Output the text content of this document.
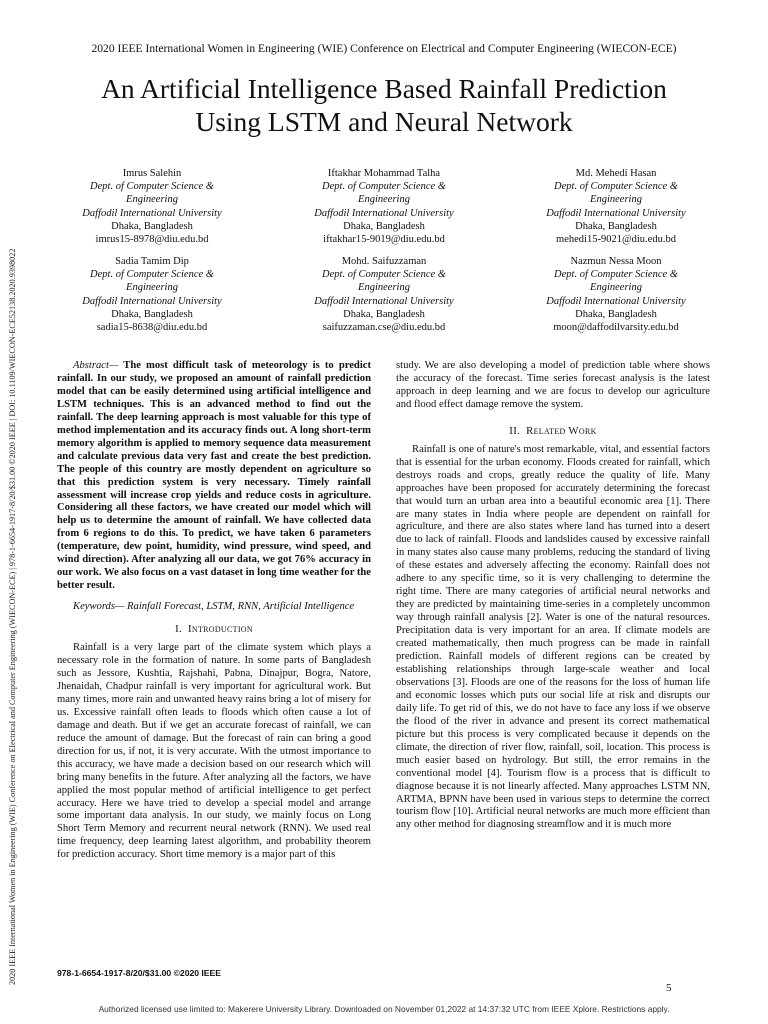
2020 IEEE International Women in Engineering (WIE) Conference on Electrical and Computer Engineering (WIECON-ECE)
2020 IEEE International Women in Engineering (WIE) Conference on Electrical and Computer Engineering (WIECON-ECE) | 978-1-6654-1917-8/20/$31.00 ©2020 IEEE | DOI: 10.1109/WIECON-ECE52138.2020.9398022
An Artificial Intelligence Based Rainfall Prediction
Using LSTM and Neural Network
Imrus Salehin
Dept. of Computer Science &
Engineering
Daffodil International University
Dhaka, Bangladesh
imrus15-8978@diu.edu.bd
Iftakhar Mohammad Talha
Dept. of Computer Science &
Engineering
Daffodil International University
Dhaka, Bangladesh
iftakhar15-9019@diu.edu.bd
Md. Mehedi Hasan
Dept. of Computer Science &
Engineering
Daffodil International University
Dhaka, Bangladesh
mehedi15-9021@diu.edu.bd
Sadia Tamim Dip
Dept. of Computer Science &
Engineering
Daffodil International University
Dhaka, Bangladesh
sadia15-8638@diu.edu.bd
Mohd. Saifuzzaman
Dept. of Computer Science &
Engineering
Daffodil International University
Dhaka, Bangladesh
saifuzzaman.cse@diu.edu.bd
Nazmun Nessa Moon
Dept. of Computer Science &
Engineering
Daffodil International University
Dhaka, Bangladesh
moon@daffodilvarsity.edu.bd

Abstract— The most difficult task of meteorology is to predict rainfall. In our study, we proposed an amount of rainfall prediction model that can be easily determined using artificial intelligence and LSTM techniques. This is an advanced method to find out the rainfall. The deep learning approach is most valuable for this type of method implementation and its accuracy finds out. A long short-term memory algorithm is applied to memory sequence data measurement and calculate previous data very fast and create the best prediction. The people of this country are mostly dependent on agriculture so that this prediction system is very necessary. Timely rainfall assessment will increase crop yields and reduce costs in agriculture. Considering all these factors, we have created our model which will help us to determine the amount of rainfall. We have collected data from 6 regions to do this. To predict, we have taken 6 parameters (temperature, dew point, humidity, wind pressure, wind speed, and wind direction). After analyzing all our data, we got 76% accuracy in our work. We also focus on a vast dataset in long time weather for the better result.

Keywords— Rainfall Forecast, LSTM, RNN, Artificial Intelligence

I. Introduction

Rainfall is a very large part of the climate system which plays a necessary role in the formation of nature. In some parts of Bangladesh such as Jessore, Kushtia, Rajshahi, Pabna, Dinajpur, Bogra, Natore, Jhenaidah, Chadpur rainfall is very important for agricultural work. But many times, more rain and unwanted heavy rains bring a lot of misery for us. Excessive rainfall often leads to floods which often cause a lot of damage and death. But if we get an accurate forecast of rainfall, we can reduce the amount of damage. But the forecast of rain can bring a good direction for us, if not, it is very accurate. With the utmost importance to this accuracy, we have made a decision based on our research which will bring many benefits in the future. After analyzing all the factors, we have applied the most popular method of artificial intelligence to get perfect accuracy. Here we have tried to develop a special model and arrange some important data analysis. In our study, we mainly focus on Long Short Term Memory and recurrent neural network (RNN). We used real time frequency, deep learning latest algorithm, and probability theorem for prediction accuracy. Short time memory is a major part of this

study. We are also developing a model of prediction table where shows the accuracy of the forecast. Time series forecast analysis is the latest approach in deep learning and we are focus to develop our agriculture and flood effect damage remove the system.

II. Related Work

Rainfall is one of nature's most remarkable, vital, and essential factors that is essential for the urban economy. Floods created for rainfall, which destroys roads and crops, greatly reduce the quality of life. Many approaches have been proposed for accurately determining the forecast that would turn an urban area into a beautiful economic area [1]. There are many states in India where people are dependent on rainfall for agriculture, and there are also states where land has turned into a desert due to lack of rainfall. Floods and landslides caused by excessive rainfall in many states also cause many problems, reducing the standard of living of these estates and adversely affecting the economy. Rainfall does not adhere to any specific time, so it is very challenging to determine the right time. There are many categories of artificial neural networks and they are predicted by maintaining time-series in a completely uncommon way through rainfall analysis [2]. Water is one of the natural resources. Precipitation data is very important for an area. If climate models are created mathematically, then much progress can be made in rainfall prediction. Rainfall models of different regions can be created by establishing relationships through large-scale weather and local observations [3]. Floods are one of the reasons for the loss of human life and economic losses which puts our social life at risk and disrupts our daily life. To get rid of this, we do not have to face any loss if we observe the flood of the river in advance and present its correct mathematical picture but this process is very complicated because it depends on the climate, the direction of river flow, rainfall, soil, location. This process is much easier based on hydrology. But still, the error remains in the conventional model [4]. Tourism flow is a process that is difficult to diagnose because it is not linearly affected. Many approaches LSTM NN, ARTMA, BPNN have been used in various steps to determine the correct tourism flow [10]. Artificial neural networks are much more efficient than any other method for diagnosing streamflow and it is much more

978-1-6654-1917-8/20/$31.00 ©2020 IEEE
5
Authorized licensed use limited to: Makerere University Library. Downloaded on November 01,2022 at 14:37:32 UTC from IEEE Xplore. Restrictions apply.
